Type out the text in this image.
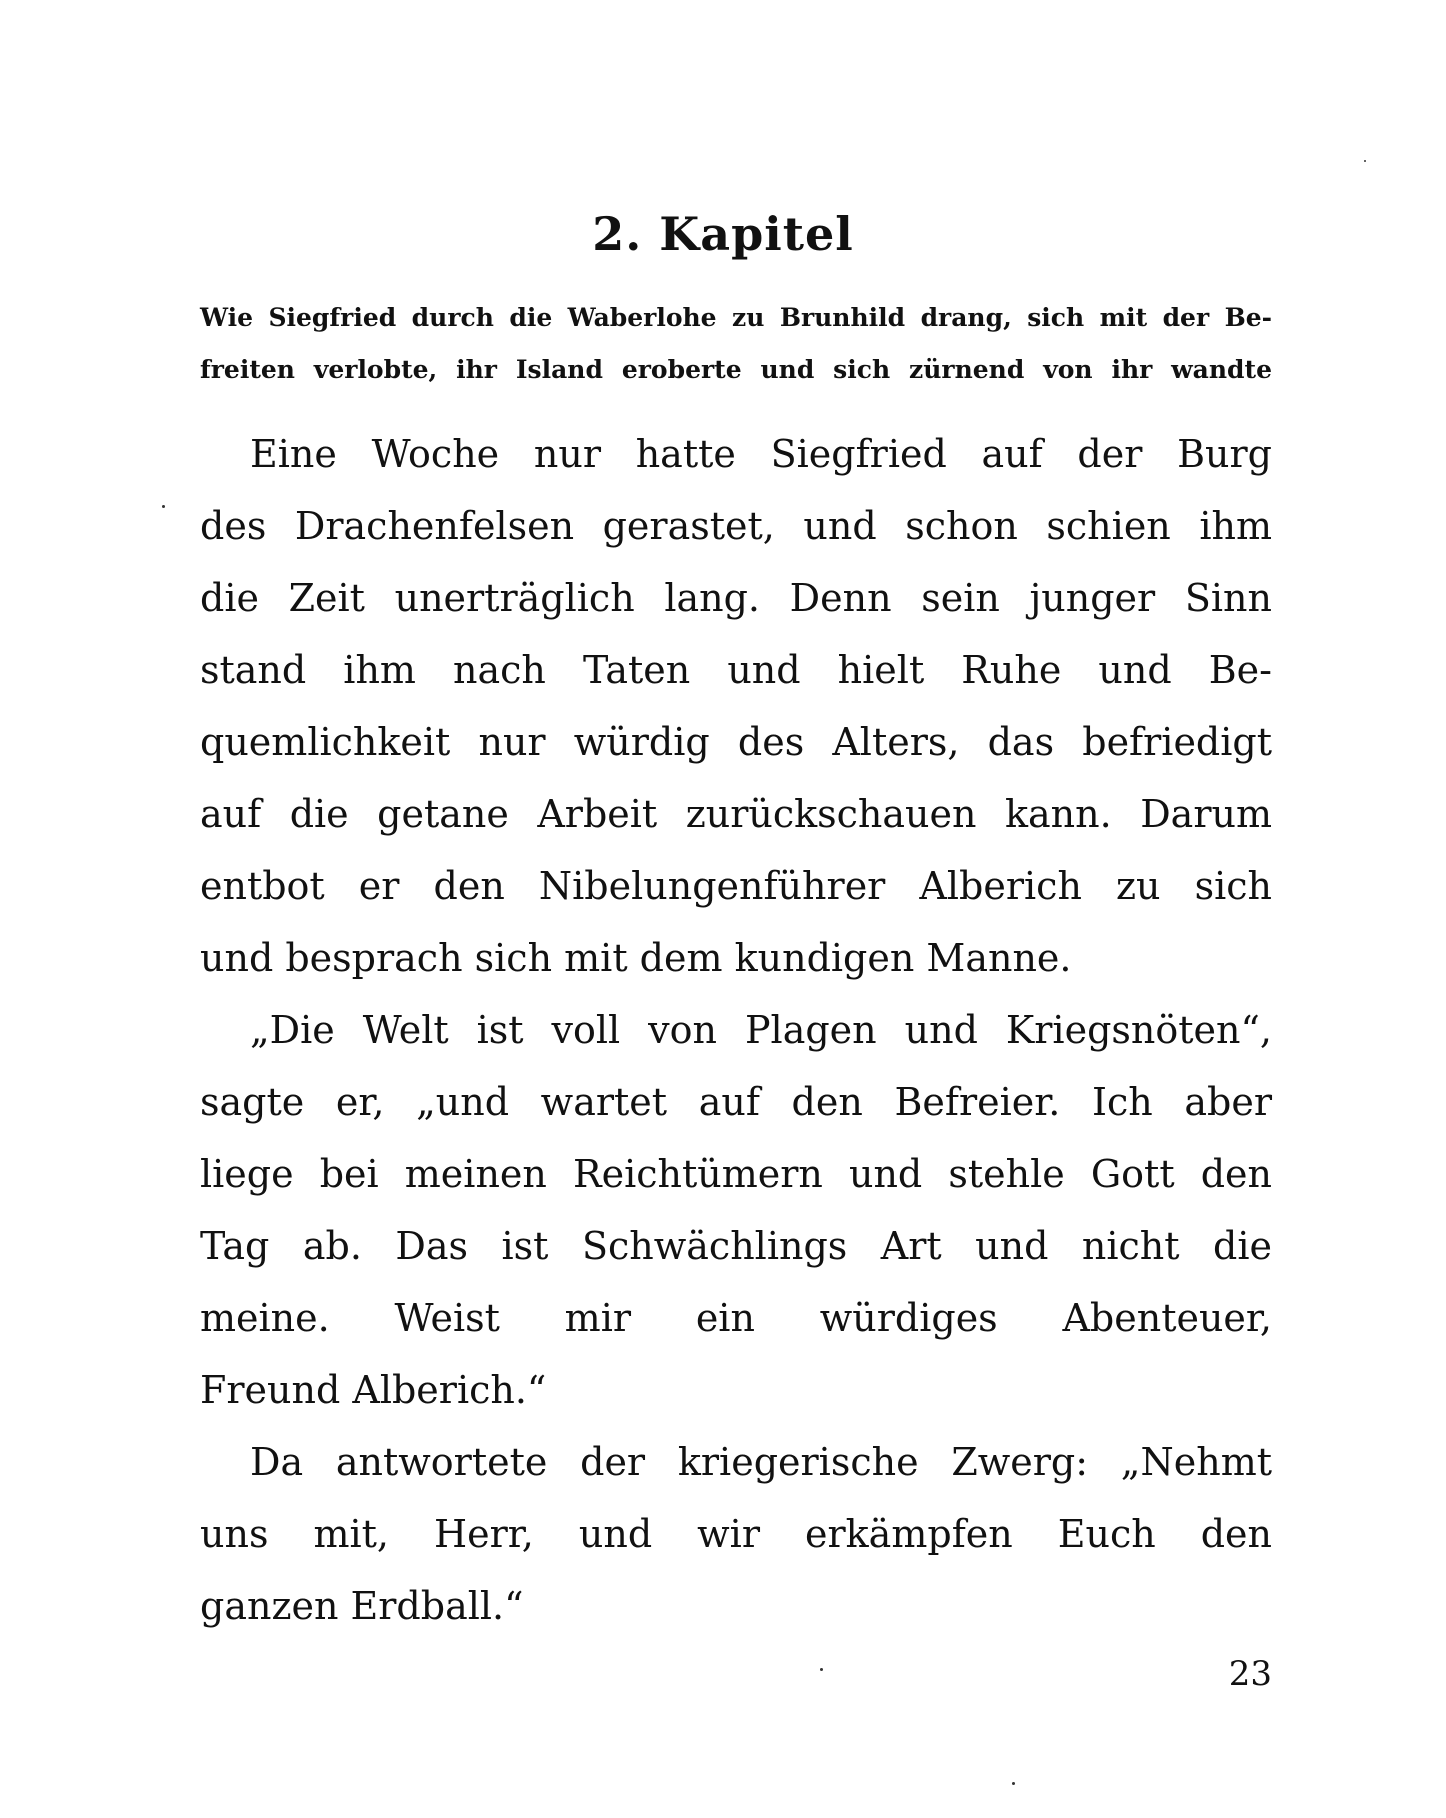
2. Kapitel
Wie Siegfried durch die Waberlohe zu Brunhild drang, sich mit der Be-
freiten verlobte, ihr Island eroberte und sich zürnend von ihr wandte
Eine Woche nur hatte Siegfried auf der Burg
des Drachenfelsen gerastet, und schon schien ihm
die Zeit unerträglich lang. Denn sein junger Sinn
stand ihm nach Taten und hielt Ruhe und Be-
quemlichkeit nur würdig des Alters, das befriedigt
auf die getane Arbeit zurückschauen kann. Darum
entbot er den Nibelungenführer Alberich zu sich
und besprach sich mit dem kundigen Manne.
„Die Welt ist voll von Plagen und Kriegsnöten“,
sagte er, „und wartet auf den Befreier. Ich aber
liege bei meinen Reichtümern und stehle Gott den
Tag ab. Das ist Schwächlings Art und nicht die
meine. Weist mir ein würdiges Abenteuer,
Freund Alberich.“
Da antwortete der kriegerische Zwerg: „Nehmt
uns mit, Herr, und wir erkämpfen Euch den
ganzen Erdball.“
23
